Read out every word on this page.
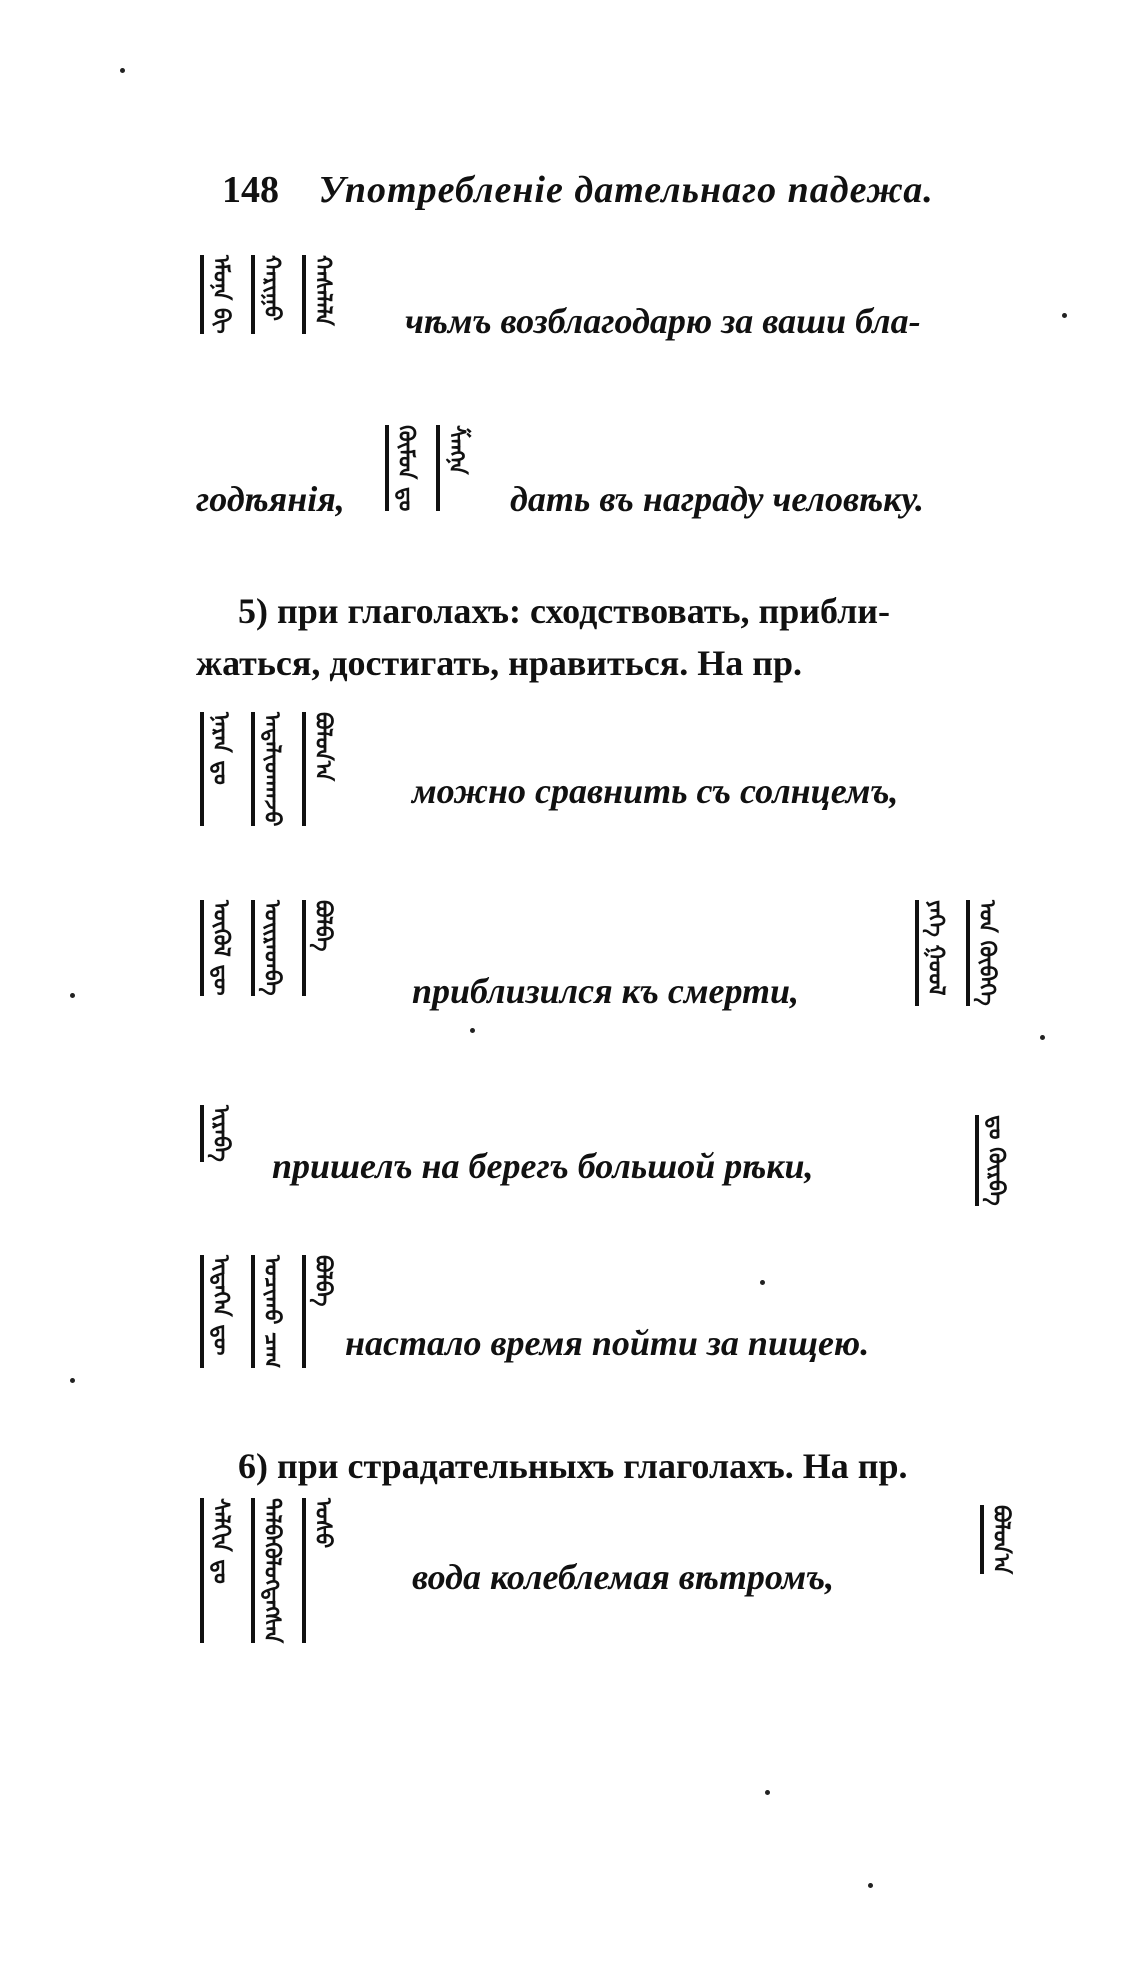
148 Употребленіе дательнаго падежа.
ᠡᠮᠦᠨᠡ ᠪᠢ	ᠬᠠᠷᠢᠭᠤ	ᠬᠠᠰᠠᠯᠠᠯᠠ чѣмъ возблагодарю за ваши бла-
годѣянія,	ᠬᠦᠮᠦᠨ ᠳᠤ	ᠱᠠᠩᠨᠠ
дать въ награду человѣку.
5) при глаголахъ: сходствовать, прибли-
жаться, достигать, нравиться. На пр.
ᠨᠠᠷᠠᠨ ᠳᠤ	ᠠᠳᠠᠯᠢᠳᠬᠠᠵᠤ	ᠪᠣᠯᠣᠨ᠎ᠠ
можно сравнить съ солнцемъ,
ᠦᠬᠦᠯ ᠳᠦ	ᠣᠢᠷᠠᠳᠪᠠ	ᠪᠣᠯᠪᠠ
приблизился къ смерти,	ᠶᠡᠬᠡ ᠭᠣᠣᠯ	ᠤᠨ ᠬᠥᠪᠡᠭᠡ
ᠢᠷᠡᠪᠡ
пришелъ на берегъ большой рѣки,	ᠳᠤ ᠬᠦᠷᠪᠡ
ᠢᠳᠡᠭᠡᠨ ᠳᠦ	ᠣᠴᠢᠬᠤ ᠴᠠᠭ	ᠪᠣᠯᠪᠠ
настало время пойти за пищею.
6) при страдательныхъ глаголахъ. На пр.
ᠰᠠᠯᠬᠢᠨ ᠳᠤ	ᠳᠡᠯᠪᠡᠭᠦᠯᠦᠭᠳᠡᠭᠰᠡᠨ	ᠤᠰᠤ
вода колеблемая вѣтромъ,
ᠪᠣᠯᠤᠨ᠎ᠠ
